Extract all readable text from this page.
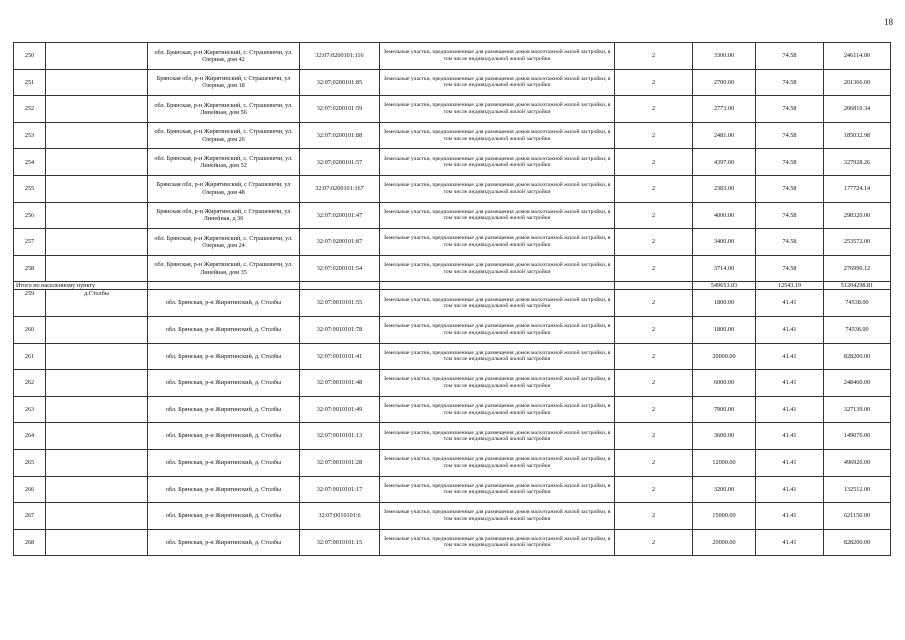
18
250		обл. Брянская, р-н Жирятинский, с. Страшевичи, ул. Озерная, дом 42	32:07:0200101:116	Земельные участки, предназначенные для размещения домов малоэтажной жилой застройки, в том числе индивидуальной жилой застройки	2	3300.00	74.58	246114.00
251		Брянская обл, р-н Жирятинский, с Страшевичи, ул Озерная, дом 18	32:07:0200101:85	Земельные участки, предназначенные для размещения домов малоэтажной жилой застройки, в том числе индивидуальной жилой застройки	2	2700.00	74.58	201366.00
252		обл. Брянская, р-н Жирятинский, с. Страшевичи, ул. Линейная, дом 56	32:07:0200101:59	Земельные участки, предназначенные для размещения домов малоэтажной жилой застройки, в том числе индивидуальной жилой застройки	2	2773.00	74.58	206810.34
253		обл. Брянская, р-н Жирятинский, с. Страшевичи, ул. Озерная, дом 26	32:07:0200101:88	Земельные участки, предназначенные для размещения домов малоэтажной жилой застройки, в том числе индивидуальной жилой застройки	2	2481.00	74.58	185032.98
254		обл. Брянская, р-н Жирятинский, с. Страшевичи, ул. Линейная, дом 52	32:07:0200101:57	Земельные участки, предназначенные для размещения домов малоэтажной жилой застройки, в том числе индивидуальной жилой застройки	2	4397.00	74.58	327928.26
255		Брянская обл, р-н Жирятинский, с Страшевичи, ул Озерная, дом 48	32:07:0200101:167	Земельные участки, предназначенные для размещения домов малоэтажной жилой застройки, в том числе индивидуальной жилой застройки	2	2383.00	74.58	177724.14
256		Брянская обл, р-н Жирятинский, с Страшевичи, ул Линейная, д 36	32:07:0200101:47	Земельные участки, предназначенные для размещения домов малоэтажной жилой застройки, в том числе индивидуальной жилой застройки	2	4000.00	74.58	298320.00
257		обл. Брянская, р-н Жирятинский, с. Страшевичи, ул. Озерная, дом 24	32:07:0200101:87	Земельные участки, предназначенные для размещения домов малоэтажной жилой застройки, в том числе индивидуальной жилой застройки	2	3400.00	74.58	253572.00
258		обл. Брянская, р-н Жирятинский, с. Страшевичи, ул. Линейная, дом 35	32:07:0200101:54	Земельные участки, предназначенные для размещения домов малоэтажной жилой застройки, в том числе индивидуальной жилой застройки	2	3714.00	74.58	276990.12
Итого по населенному пункту						549653.03	12543.19	51204298.81
259	д.Столбы	обл. Брянская, р-н Жирятинский, д. Столбы	32:07:0010101:55	Земельные участки, предназначенные для размещения домов малоэтажной жилой застройки, в том числе индивидуальной жилой застройки	2	1800.00	41.41	74538.00
260		обл. Брянская, р-н Жирятинский, д. Столбы	32:07:0010101:78	Земельные участки, предназначенные для размещения домов малоэтажной жилой застройки, в том числе индивидуальной жилой застройки	2	1800.00	41.41	74538.00
261		обл. Брянская, р-н Жирятинский, д. Столбы	32:07:0010101:41	Земельные участки, предназначенные для размещения домов малоэтажной жилой застройки, в том числе индивидуальной жилой застройки	2	20000.00	41.41	828200.00
262		обл. Брянская, р-н Жирятинский, д. Столбы	32:07:0010101:48	Земельные участки, предназначенные для размещения домов малоэтажной жилой застройки, в том числе индивидуальной жилой застройки	2	6000.00	41.41	248460.00
263		обл. Брянская, р-н Жирятинский, д. Столбы	32:07:0010101:49	Земельные участки, предназначенные для размещения домов малоэтажной жилой застройки, в том числе индивидуальной жилой застройки	2	7900.00	41.41	327139.00
264		обл. Брянская, р-н Жирятинский, д. Столбы	32:07:0010101:13	Земельные участки, предназначенные для размещения домов малоэтажной жилой застройки, в том числе индивидуальной жилой застройки	2	3600.00	41.41	149076.00
265		обл. Брянская, р-н Жирятинский, д. Столбы	32:07:0010101:28	Земельные участки, предназначенные для размещения домов малоэтажной жилой застройки, в том числе индивидуальной жилой застройки	2	12000.00	41.41	496920.00
266		обл. Брянская, р-н Жирятинский, д. Столбы	32:07:0010101:17	Земельные участки, предназначенные для размещения домов малоэтажной жилой застройки, в том числе индивидуальной жилой застройки	2	3200.00	41.41	132512.00
267		обл. Брянская, р-н Жирятинский, д. Столбы	32:07:0010101:6	Земельные участки, предназначенные для размещения домов малоэтажной жилой застройки, в том числе индивидуальной жилой застройки	2	15000.00	41.41	621150.00
268		обл. Брянская, р-н Жирятинский, д. Столбы	32:07:0010101:15	Земельные участки, предназначенные для размещения домов малоэтажной жилой застройки, в том числе индивидуальной жилой застройки	2	20000.00	41.41	828200.00
